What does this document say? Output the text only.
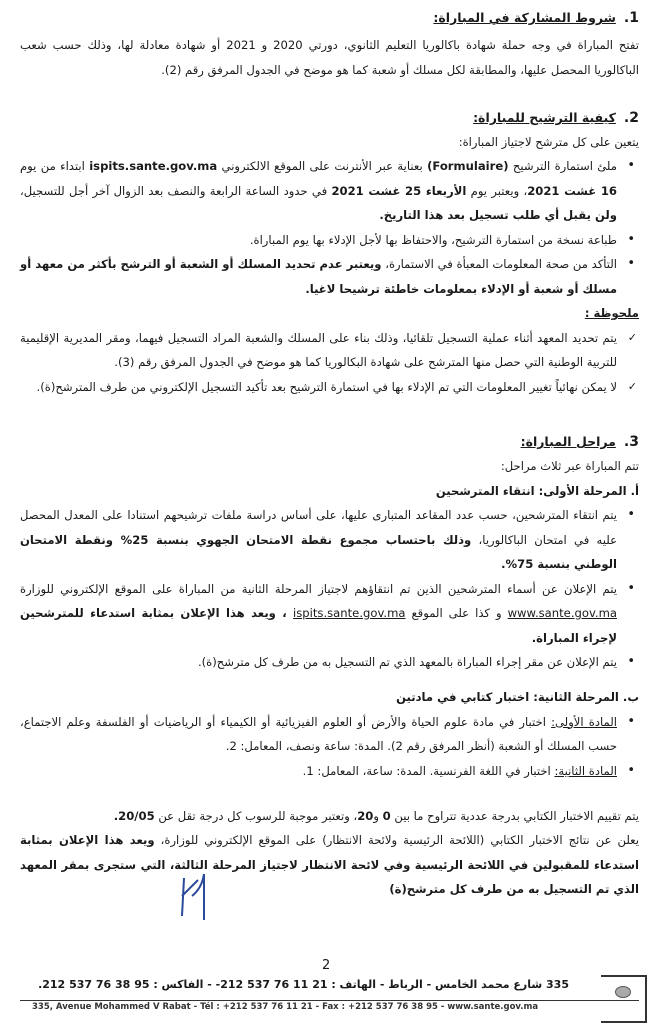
1.شروط المشاركة في المباراة:
تفتح المباراة في وجه حملة شهادة باكالوريا التعليم الثانوي، دورتي 2020 و 2021 أو شهادة معادلة لها، وذلك حسب شعب الباكالوريا المحصل عليها، والمطابقة لكل مسلك أو شعبة كما هو موضح في الجدول المرفق رقم (2).
2.كيفية الترشيح للمباراة:
يتعين على كل مترشح لاجتياز المباراة:
• ملئ استمارة الترشيح (Formulaire) بعناية عبر الأنترنت على الموقع الالكتروني ispits.sante.gov.ma ابتداء من يوم 16 غشت 2021، ويعتبر يوم الأربعاء 25 غشت 2021 في حدود الساعة الرابعة والنصف بعد الزوال آخر أجل للتسجيل، ولن يقبل أي طلب تسجيل بعد هذا التاريخ.
• طباعة نسخة من استمارة الترشيح، والاحتفاظ بها لأجل الإدلاء بها يوم المباراة.
• التأكد من صحة المعلومات المعبأة في الاستمارة، ويعتبر عدم تحديد المسلك أو الشعبة أو الترشح بأكثر من معهد أو مسلك أو شعبة أو الإدلاء بمعلومات خاطئة ترشيحا لاغيا.
ملحوظة :
✓ يتم تحديد المعهد أثناء عملية التسجيل تلقائيا، وذلك بناء على المسلك والشعبة المراد التسجيل فيهما، ومقر المديرية الإقليمية للتربية الوطنية التي حصل منها المترشح على شهادة البكالوريا كما هو موضح في الجدول المرفق رقم (3).
✓ لا يمكن نهائياً تغيير المعلومات التي تم الإدلاء بها في استمارة الترشيح بعد تأكيد التسجيل الإلكتروني من طرف المترشح(ة).
3.مراحل المباراة:
تتم المباراة عبر ثلاث مراحل:
أ. المرحلة الأولى: انتقاء المترشحين
• يتم انتقاء المترشحين، حسب عدد المقاعد المتبارى عليها، على أساس دراسة ملفات ترشيحهم استنادا على المعدل المحصل عليه في امتحان الباكالوريا، وذلك باحتساب مجموع نقطة الامتحان الجهوي بنسبة 25% ونقطة الامتحان الوطني بنسبة 75%.
• يتم الإعلان عن أسماء المترشحين الذين تم انتقاؤهم لاجتياز المرحلة الثانية من المباراة على الموقع الإلكتروني للوزارة www.sante.gov.ma و كذا على الموقع ispits.sante.gov.ma ، ويعد هذا الإعلان بمثابة استدعاء للمترشحين لإجراء المباراة.
• يتم الإعلان عن مقر إجراء المباراة بالمعهد الذي تم التسجيل به من طرف كل مترشح(ة).
ب. المرحلة الثانية: اختبار كتابي في مادتين
• المادة الأولى: اختبار في مادة علوم الحياة والأرض أو العلوم الفيزيائية أو الكيمياء أو الرياضيات أو الفلسفة وعلم الاجتماع، حسب المسلك أو الشعبة (أنظر المرفق رقم 2). المدة: ساعة ونصف، المعامل: 2.
• المادة الثانية: اختبار في اللغة الفرنسية. المدة: ساعة، المعامل: 1.
يتم تقييم الاختبار الكتابي بدرجة عددية تتراوح ما بين 0 و20، وتعتبر موجبة للرسوب كل درجة تقل عن 20/05.
يعلن عن نتائج الاختبار الكتابي (اللائحة الرئيسية ولائحة الانتظار) على الموقع الإلكتروني للوزارة، ويعد هذا الإعلان بمثابة استدعاء للمقبولين في اللائحة الرئيسية وفي لائحة الانتظار لاجتياز المرحلة الثالثة، التي ستجرى بمقر المعهد الذي تم التسجيل به من طرف كل مترشح(ة)
2
335 شارع محمد الخامس - الرباط - الهاتف : 21 11 76 537 212- - الفاكس : 95 38 76 537 212.
335, Avenue Mohammed V Rabat - Tél : +212 537 76 11 21 - Fax : +212 537 76 38 95 - www.sante.gov.ma
